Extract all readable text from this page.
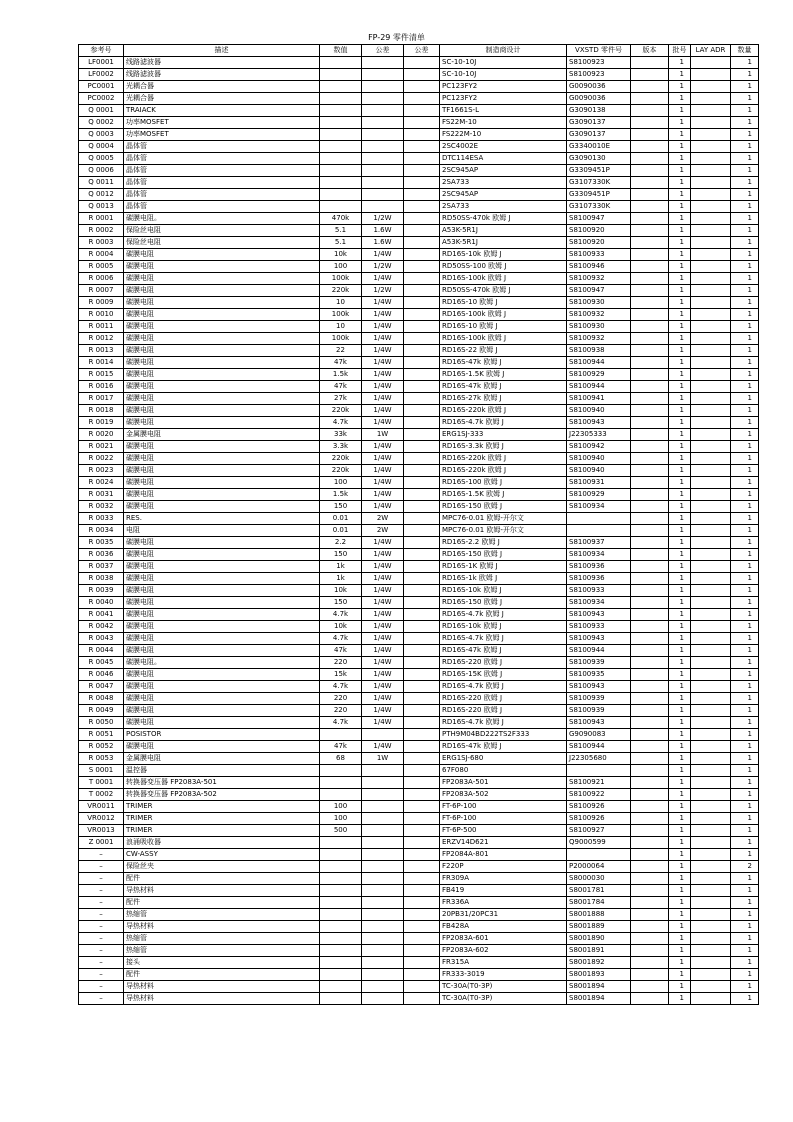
FP-29 零件清单
参考号	描述	数值	公差	公差	制造商设计	VXSTD 零件号	版本	批号	LAY ADR	数量
LF0001	线路滤波器				SC-10-10J	S8100923		1		1
LF0002	线路滤波器				SC-10-10J	S8100923		1		1
PC0001	光耦合器				PC123FY2	G0090036		1		1
PC0002	光耦合器				PC123FY2	G0090036		1		1
Q 0001	TRAIACK				TF1661S-L	G3090138		1		1
Q 0002	功率MOSFET				FS22M-10	G3090137		1		1
Q 0003	功率MOSFET				FS222M-10	G3090137		1		1
Q 0004	晶体管				2SC4002E	G3340010E		1		1
Q 0005	晶体管				DTC114ESA	G3090130		1		1
Q 0006	晶体管				2SC945AP	G3309451P		1		1
Q 0011	晶体管				2SA733	G3107330K		1		1
Q 0012	晶体管				2SC945AP	G3309451P		1		1
Q 0013	晶体管				2SA733	G3107330K		1		1
R 0001	碳膜电阻。	470k	1/2W		RD50SS-470k 欧姆 J	S8100947		1		1
R 0002	保险丝电阻	5.1	1.6W		A53K-5R1J	S8100920		1		1
R 0003	保险丝电阻	5.1	1.6W		A53K-5R1J	S8100920		1		1
R 0004	碳膜电阻	10k	1/4W		RD16S-10k 欧姆 J	S8100933		1		1
R 0005	碳膜电阻	100	1/2W		RD50SS-100 欧姆 J	S8100946		1		1
R 0006	碳膜电阻	100k	1/4W		RD16S-100k 欧姆 J	S8100932		1		1
R 0007	碳膜电阻	220k	1/2W		RD50SS-470k 欧姆 J	S8100947		1		1
R 0009	碳膜电阻	10	1/4W		RD16S-10 欧姆 J	S8100930		1		1
R 0010	碳膜电阻	100k	1/4W		RD16S-100k 欧姆 J	S8100932		1		1
R 0011	碳膜电阻	10	1/4W		RD16S-10 欧姆 J	S8100930		1		1
R 0012	碳膜电阻	100k	1/4W		RD16S-100k 欧姆 J	S8100932		1		1
R 0013	碳膜电阻	22	1/4W		RD16S-22 欧姆 J	S8100938		1		1
R 0014	碳膜电阻	47k	1/4W		RD16S-47k 欧姆 J	S8100944		1		1
R 0015	碳膜电阻	1.5k	1/4W		RD16S-1.5K 欧姆 J	S8100929		1		1
R 0016	碳膜电阻	47k	1/4W		RD16S-47k 欧姆 J	S8100944		1		1
R 0017	碳膜电阻	27k	1/4W		RD16S-27k 欧姆 J	S8100941		1		1
R 0018	碳膜电阻	220k	1/4W		RD16S-220k 欧姆 J	S8100940		1		1
R 0019	碳膜电阻	4.7k	1/4W		RD16S-4.7k 欧姆 J	S8100943		1		1
R 0020	金属膜电阻	33k	1W		ERG1SJ-333	J22305333		1		1
R 0021	碳膜电阻	3.3k	1/4W		RD16S-3.3k 欧姆 J	S8100942		1		1
R 0022	碳膜电阻	220k	1/4W		RD16S-220k 欧姆 J	S8100940		1		1
R 0023	碳膜电阻	220k	1/4W		RD16S-220k 欧姆 J	S8100940		1		1
R 0024	碳膜电阻	100	1/4W		RD16S-100 欧姆 J	S8100931		1		1
R 0031	碳膜电阻	1.5k	1/4W		RD16S-1.5K 欧姆 J	S8100929		1		1
R 0032	碳膜电阻	150	1/4W		RD16S-150 欧姆 J	S8100934		1		1
R 0033	RES.	0.01	2W		MPC76-0.01 欧姆-开尔文			1		1
R 0034	电阻	0.01	2W		MPC76-0.01 欧姆-开尔文			1		1
R 0035	碳膜电阻	2.2	1/4W		RD16S-2.2 欧姆 J	S8100937		1		1
R 0036	碳膜电阻	150	1/4W		RD16S-150 欧姆 J	S8100934		1		1
R 0037	碳膜电阻	1k	1/4W		RD16S-1K 欧姆 J	S8100936		1		1
R 0038	碳膜电阻	1k	1/4W		RD16S-1k 欧姆 J	S8100936		1		1
R 0039	碳膜电阻	10k	1/4W		RD16S-10k 欧姆 J	S8100933		1		1
R 0040	碳膜电阻	150	1/4W		RD16S-150 欧姆 J	S8100934		1		1
R 0041	碳膜电阻	4.7k	1/4W		RD16S-4.7k 欧姆 J	S8100943		1		1
R 0042	碳膜电阻	10k	1/4W		RD16S-10k 欧姆 J	S8100933		1		1
R 0043	碳膜电阻	4.7k	1/4W		RD16S-4.7k 欧姆 J	S8100943		1		1
R 0044	碳膜电阻	47k	1/4W		RD16S-47k 欧姆 J	S8100944		1		1
R 0045	碳膜电阻。	220	1/4W		RD16S-220 欧姆 J	S8100939		1		1
R 0046	碳膜电阻	15k	1/4W		RD16S-15K 欧姆 J	S8100935		1		1
R 0047	碳膜电阻	4.7k	1/4W		RD16S-4.7k 欧姆 J	S8100943		1		1
R 0048	碳膜电阻	220	1/4W		RD16S-220 欧姆 J	S8100939		1		1
R 0049	碳膜电阻	220	1/4W		RD16S-220 欧姆 J	S8100939		1		1
R 0050	碳膜电阻	4.7k	1/4W		RD16S-4.7k 欧姆 J	S8100943		1		1
R 0051	POSISTOR				PTH9M04BD222TS2F333	G9090083		1		1
R 0052	碳膜电阻	47k	1/4W		RD16S-47k 欧姆 J	S8100944		1		1
R 0053	金属膜电阻	68	1W		ERG1SJ-680	J22305680		1		1
S 0001	温控器				67F080			1		1
T 0001	转换器变压器 FP2083A-501				FP2083A-501	S8100921		1		1
T 0002	转换器变压器 FP2083A-502				FP2083A-502	S8100922		1		1
VR0011	TRIMER	100			FT-6P-100	S8100926		1		1
VR0012	TRIMER	100			FT-6P-100	S8100926		1		1
VR0013	TRIMER	500			FT-6P-500	S8100927		1		1
Z 0001	浪涌吸收器				ERZV14D621	Q9000599		1		1
–	CW-ASSY				FP2084A-801			1		1
–	保险丝夹				F220P	P2000064		1		2
–	配件				FR309A	S8000030		1		1
–	导热材料				FB419	S8001781		1		1
–	配件				FR336A	S8001784		1		1
–	热缩管				20PB31/20PC31	S8001888		1		1
–	导热材料				FB428A	S8001889		1		1
–	热缩管				FP2083A-601	S8001890		1		1
–	热缩管				FP2083A-602	S8001891		1		1
–	接头				FR315A	S8001892		1		1
–	配件				FR333-3019	S8001893		1		1
–	导热材料				TC-30A(T0-3P)	S8001894		1		1
–	导热材料				TC-30A(T0-3P)	S8001894		1		1
